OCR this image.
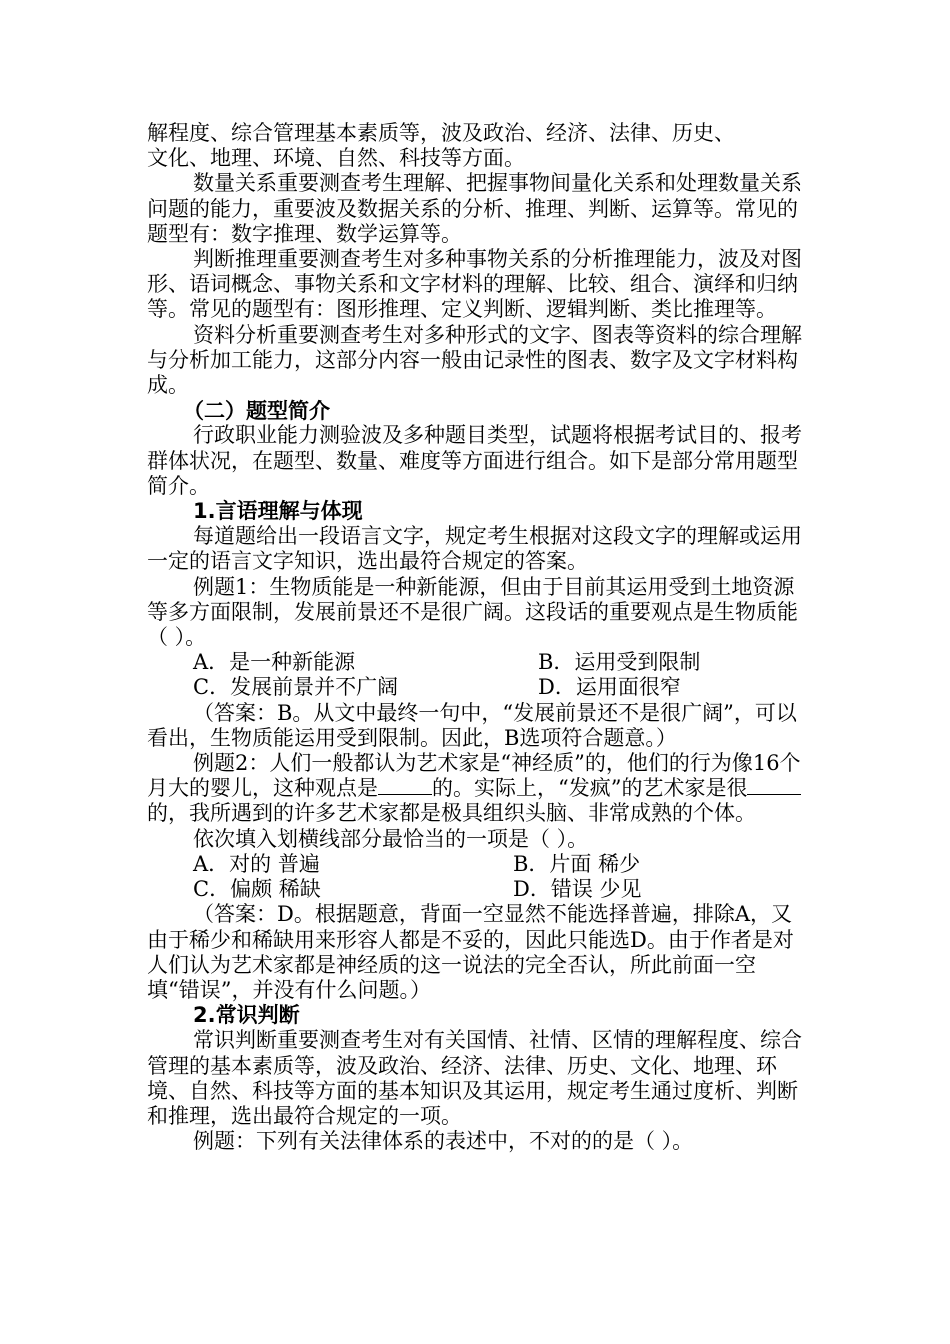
解程度、综合管理基本素质等，波及政治、经济、法律、历史、

文化、地理、环境、自然、科技等方面。

数量关系重要测查考生理解、把握事物间量化关系和处理数量关系问题的能力，重要波及数据关系的分析、推理、判断、运算等。常见的题型有：数字推理、数学运算等。

判断推理重要测查考生对多种事物关系的分析推理能力，波及对图形、语词概念、事物关系和文字材料的理解、比较、组合、演绎和归纳等。常见的题型有：图形推理、定义判断、逻辑判断、类比推理等。

资料分析重要测查考生对多种形式的文字、图表等资料的综合理解与分析加工能力，这部分内容一般由记录性的图表、数字及文字材料构成。

（二）题型简介

行政职业能力测验波及多种题目类型，试题将根据考试目的、报考群体状况，在题型、数量、难度等方面进行组合。如下是部分常用题型简介。

1.言语理解与体现

每道题给出一段语言文字，规定考生根据对这段文字的理解或运用一定的语言文字知识，选出最符合规定的答案。

例题1：生物质能是一种新能源，但由于目前其运用受到土地资源等多方面限制，发展前景还不是很广阔。这段话的重要观点是生物质能（ ）。

A．是一种新能源	B．运用受到限制
C．发展前景并不广阔	D．运用面很窄

（答案：B。从文中最终一句中，“发展前景还不是很广阔”，可以看出，生物质能运用受到限制。因此，B选项符合题意。）

例题2：人们一般都认为艺术家是“神经质”的，他们的行为像16个月大的婴儿，这种观点是	的。实际上，“发疯”的艺术家是很的，我所遇到的许多艺术家都是极具组织头脑、非常成熟的个体。

依次填入划横线部分最恰当的一项是（ ）。

A．对的 普遍	B．片面 稀少
C．偏颇 稀缺	D．错误 少见

（答案：D。根据题意，背面一空显然不能选择普遍，排除A，又由于稀少和稀缺用来形容人都是不妥的，因此只能选D。由于作者是对人们认为艺术家都是神经质的这一说法的完全否认，所此前面一空填“错误”，并没有什么问题。）

2.常识判断

常识判断重要测查考生对有关国情、社情、区情的理解程度、综合管理的基本素质等，波及政治、经济、法律、历史、文化、地理、环境、自然、科技等方面的基本知识及其运用，规定考生通过度析、判断和推理，选出最符合规定的一项。

例题：下列有关法律体系的表述中，不对的的是（ ）。
